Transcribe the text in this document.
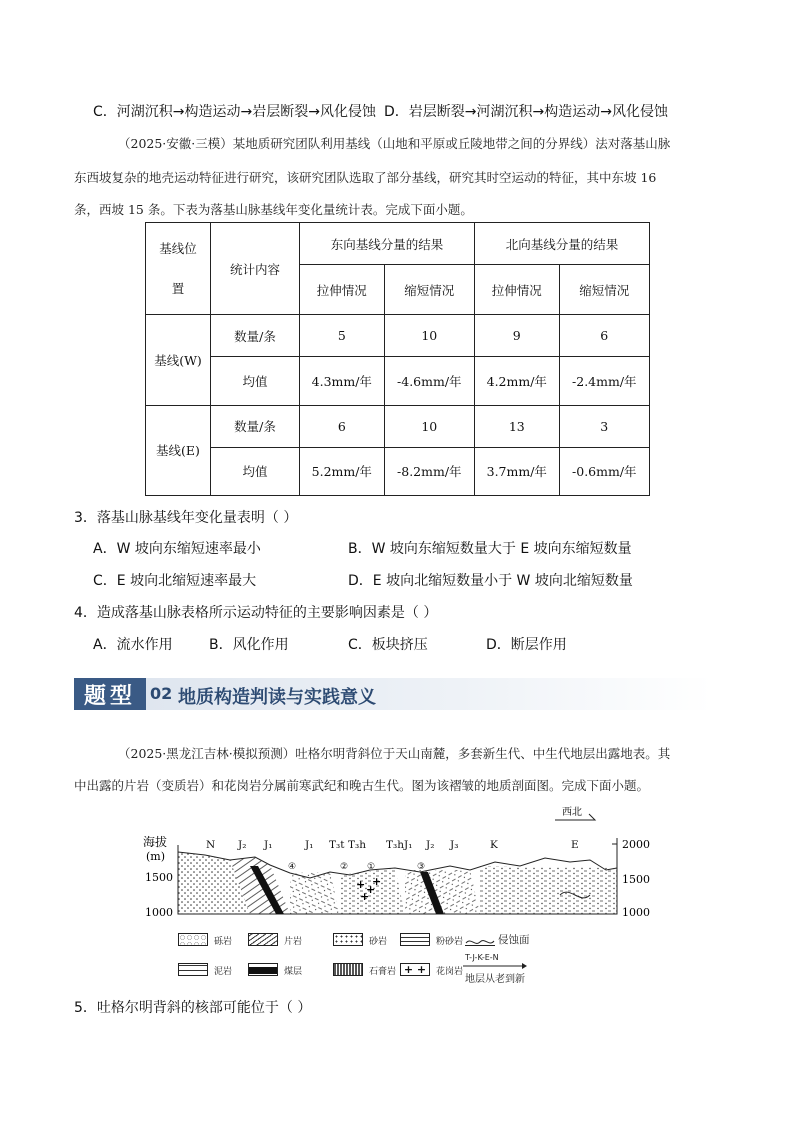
C．河湖沉积→构造运动→岩层断裂→风化侵蚀 D．岩层断裂→河湖沉积→构造运动→风化侵蚀
（2025·安徽·三模）某地质研究团队利用基线（山地和平原或丘陵地带之间的分界线）法对落基山脉
东西坡复杂的地壳运动特征进行研究，该研究团队选取了部分基线，研究其时空运动的特征，其中东坡 16
条，西坡 15 条。下表为落基山脉基线年变化量统计表。完成下面小题。
基线位
置	统计内容	东向基线分量的结果		北向基线分量的结果	
		拉伸情况	缩短情况	拉伸情况	缩短情况
基线(W)	数量/条	5	10	9	6
	均值	4.3mm/年	-4.6mm/年	4.2mm/年	-2.4mm/年
基线(E)	数量/条	6	10	13	3
	均值	5.2mm/年	-8.2mm/年	3.7mm/年	-0.6mm/年
3．落基山脉基线年变化量表明（ ）
A．W 坡向东缩短速率最小	B．W 坡向东缩短数量大于 E 坡向东缩短数量
C．E 坡向北缩短速率最大	D．E 坡向北缩短数量小于 W 坡向北缩短数量
4．造成落基山脉表格所示运动特征的主要影响因素是（ ）
A．流水作用	B．风化作用	C．板块挤压	D．断层作用
题型 02 地质构造判读与实践意义
（2025·黑龙江吉林·模拟预测）吐格尔明背斜位于天山南麓，多套新生代、中生代地层出露地表。其
中出露的片岩（变质岩）和花岗岩分属前寒武纪和晚古生代。图为该褶皱的地质剖面图。完成下面小题。
西北
海拔
(m)
1500
1000
2000
1500
1000
+ +
+
+
N J₂ J₁	J₁ T₃t T₃h T₃h J₁ J₂ J₃	K	E
④	② ①	③
砾岩	片岩	砂岩	粉砂岩	侵蚀面
泥岩	煤层	石膏岩 + +	花岗岩
T-J-K-E-N
地层从老到新
5．吐格尔明背斜的核部可能位于（ ）
